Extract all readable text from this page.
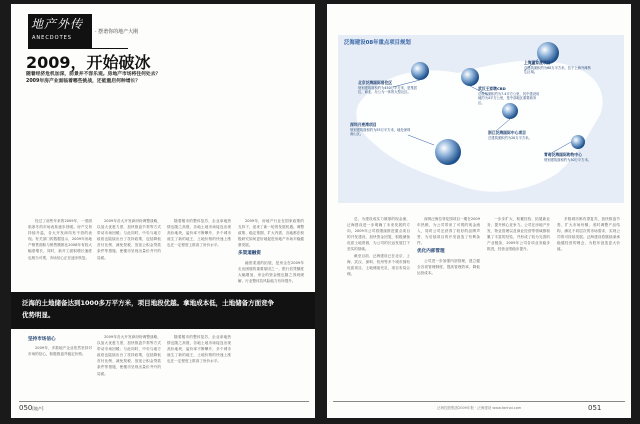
地产外传
ANECDOTES
· 摆谱你的地产大刚
2009，开始破冰
随着经济危机加深，前景并不容乐观。房地产市场将往何处去？2009年房产业面临着哪些挑战，还能重启何种增长？

经过了前些年来的2009年，一度面临寒冬的市场表象逐步回暖。房产交易持续升温，各大开发商均有不俗的表现。有关部门的数据显示，2009年房地产销售面积与销售额都比2008年有较大幅度增长，同时，新开工面积增长速度也相当可观，市场信心正在逐步恢复。

2009年各大开发商纷纷调整战略，以加大优惠力度，加快推盘节奏等方式带动市场回暖；与此同时，中央与地方政府也陆续出台了扶持政策，包括降低首付比例、减免契税、放宽公积金贷款条件等措施，使楼市呈现出量价齐升的局面。

随着楼市的整体复苏，企业拿地热情也随之高涨，各地土地市场接连出现高价地块，溢价率不断攀升，多个城市诞生了新的地王，土地价格的快速上涨也在一定程度上推高了房价水平。

2009年，房地产行业在国家政策的支持下，迎来了新一轮的发展机遇。调整政策、稳定预期，扩大内需，各地都在积极研究如何更好地促进房地产市场平稳健康发展。

多渠道融资

融资渠道的拓展，是房企在2009年走出困境的重要原因之一，银行信贷额度大幅增加，房企的资金链也随之得到缓解，行业整体抗风险能力有所提升。

泛海的土地储备达到1000多万平方米，项目地段优越。拿地成本低，土地储备方面竞争优势明显。
坚持市场信心

2009年，多数地产企业依然坚持对市场的信心，积极推盘并稳定价格。

2009年各大开发商纷纷调整战略，以加大优惠力度，加快推盘节奏等方式带动市场回暖；与此同时，中央与地方政府也陆续出台了扶持政策，包括降低首付比例、减免契税、放宽公积金贷款条件等措施，使楼市呈现出量价齐升的局面。

随着楼市的整体复苏，企业拿地热情也随之高涨，各地土地市场接连出现高价地块，溢价率不断攀升，多个城市诞生了新的地王，土地价格的快速上涨也在一定程度上推高了房价水平。

050[地产]
泛海建设08年重点项目规划
北京泛海国际居住区
规划建筑面积约为450万平方米，是集居住、商业、办公为一体的大型社区。
上海董家渡项目
总建筑面积约为60万平方米，位于上海外滩核心区域。
武汉王家墩CBD
总规划面积约为7.4平方公里，其中建设用地约为4平方公里，是中部地区重要商务区。
深圳月亮湾项目
规划建筑面积约为55万平方米，地处深圳南山区。	浙江泛海国际中心项目
总建筑面积约为20万平方米。
青岛泛海国际购物中心
规划建筑面积约为30万平方米。

总，为建设成实力雄厚的现金流，泛海建设进一步明确了未来发展的方向，2009年公司将继续推进重点项目的开发建设，加快资金回笼，积极储备优质土地资源，为公司的长远发展打下坚实的基础。

截至目前，泛海建设已在北京、上海、武汉、深圳、杭州等多个城市拥有优质项目，土地储备充足，项目布局合理。

深圳泛海拉菲花园项目一期在2009年热销，为公司带来了可观的现金流入，同时公司还获得了较好的品牌声誉，为后续项目的开发创造了有利条件。

优化内部管理

公司进一步加强内部管理，建立健全各项管理制度，提高管理效率，降低运营成本。

一步步扩大，积累经验、拓展新业务，提升核心竞争力。公司在房地产开发、物业管理以及商业经营等领域都积累了丰富的经验，并形成了较为完善的产业链条，2009年公司各项业务稳步推进，经营业绩稳步提升。

多数城市都有望复苏，加快推盘节奏，扩大市场份额，适时调整产品结构，满足不同层次的市场需求，实现公司的可持续发展。泛海建设将继续秉承稳健经营的理念，为股东创造更大价值。

泛海控股集团2009年报 · 泛海建设 www.fanhai.com	051
